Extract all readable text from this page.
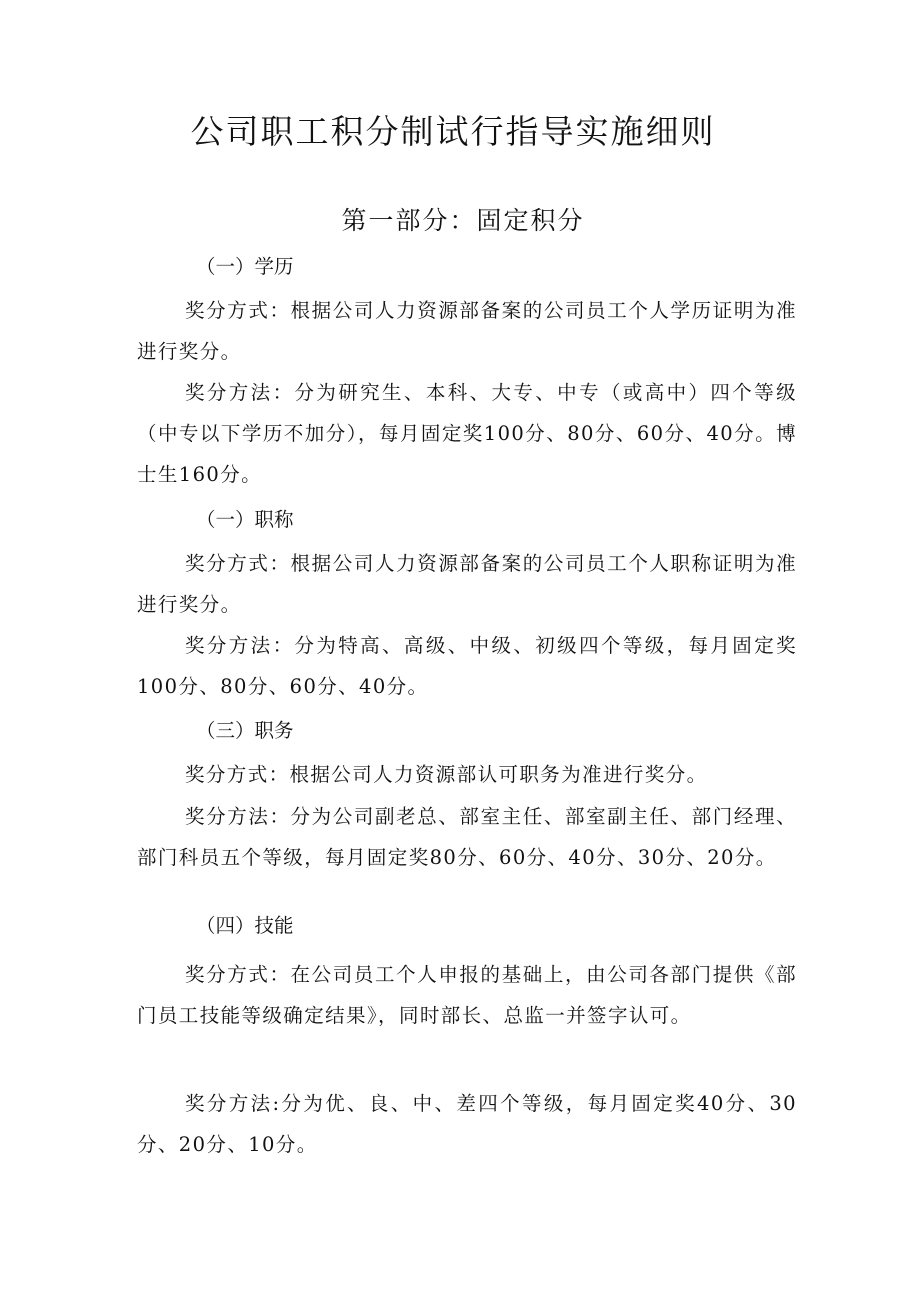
公司职工积分制试行指导实施细则
第一部分：固定积分
（一）学历
奖分方式：根据公司人力资源部备案的公司员工个人学历证明为准进行奖分。
奖分方法：分为研究生、本科、大专、中专（或高中）四个等级（中专以下学历不加分），每月固定奖100分、80分、60分、40分。博士生160分。
（一）职称
奖分方式：根据公司人力资源部备案的公司员工个人职称证明为准进行奖分。
奖分方法：分为特高、高级、中级、初级四个等级，每月固定奖100分、80分、60分、40分。
（三）职务
奖分方式：根据公司人力资源部认可职务为准进行奖分。
奖分方法：分为公司副老总、部室主任、部室副主任、部门经理、部门科员五个等级，每月固定奖80分、60分、40分、30分、20分。
（四）技能
奖分方式：在公司员工个人申报的基础上，由公司各部门提供《部门员工技能等级确定结果》，同时部长、总监一并签字认可。
奖分方法:分为优、良、中、差四个等级，每月固定奖40分、30分、20分、10分。
